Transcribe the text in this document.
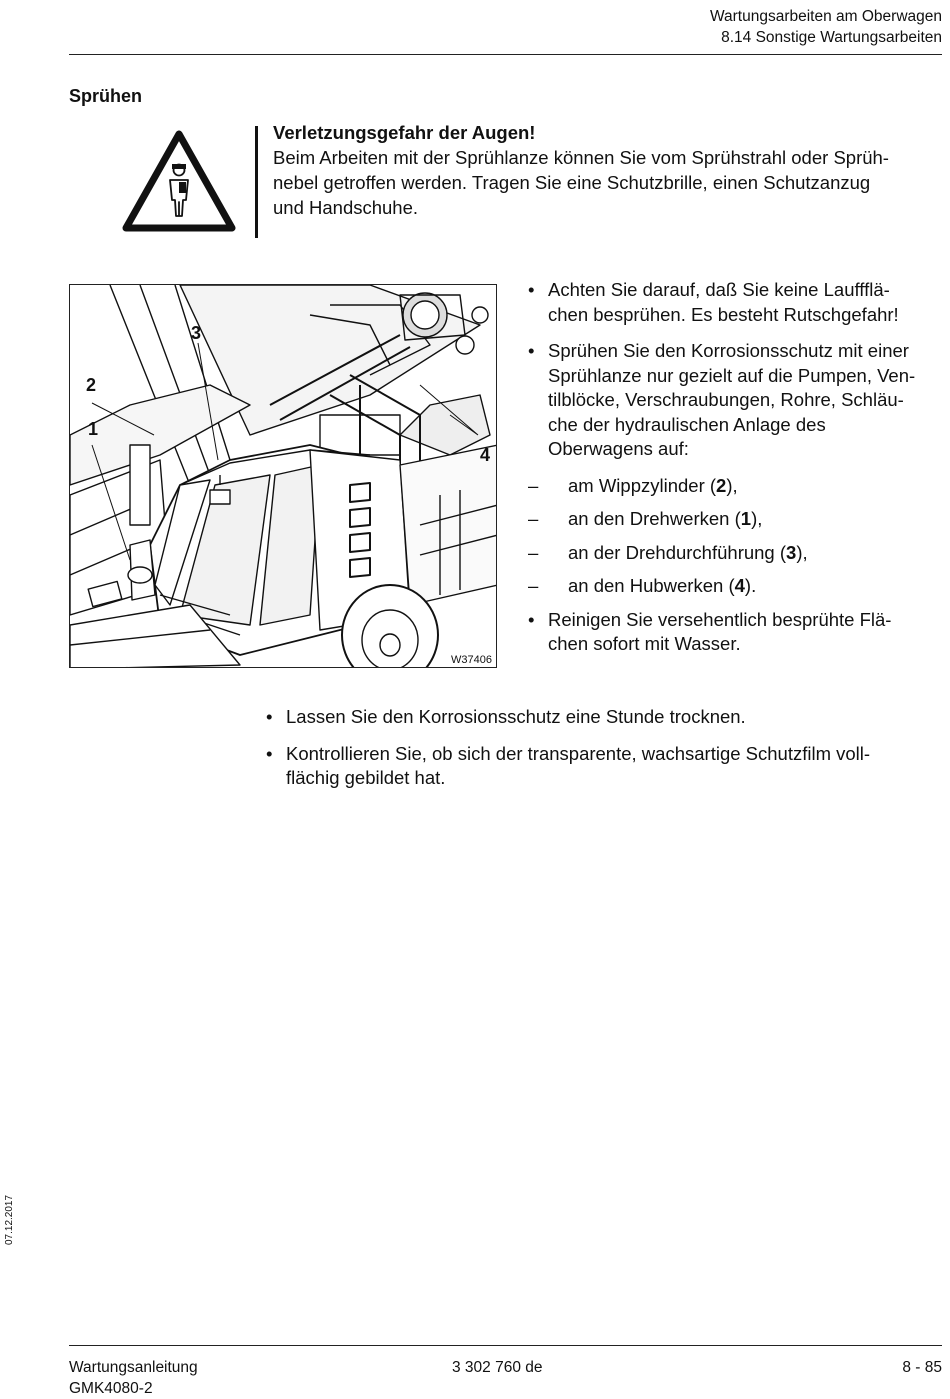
Wartungsarbeiten am Oberwagen
8.14 Sonstige Wartungsarbeiten
Sprühen
Verletzungsgefahr der Augen!
Beim Arbeiten mit der Sprühlanze können Sie vom Sprühstrahl oder Sprüh-
nebel getroffen werden. Tragen Sie eine Schutzbrille, einen Schutzanzug
und Handschuhe.
1
2
3
4
W37406
• Achten Sie darauf, daß Sie keine Lauffflä-
chen besprühen. Es besteht Rutschgefahr!
• Sprühen Sie den Korrosionsschutz mit einer
Sprühlanze nur gezielt auf die Pumpen, Ven-
tilblöcke, Verschraubungen, Rohre, Schläu-
che der hydraulischen Anlage des
Oberwagens auf:
– am Wippzylinder (2),
– an den Drehwerken (1),
– an der Drehdurchführung (3),
– an den Hubwerken (4).
• Reinigen Sie versehentlich besprühte Flä-
chen sofort mit Wasser.
• Lassen Sie den Korrosionsschutz eine Stunde trocknen.
• Kontrollieren Sie, ob sich der transparente, wachsartige Schutzfilm voll-
flächig gebildet hat.
07.12.2017
Wartungsanleitung
GMK4080-2
3 302 760 de	8 - 85
